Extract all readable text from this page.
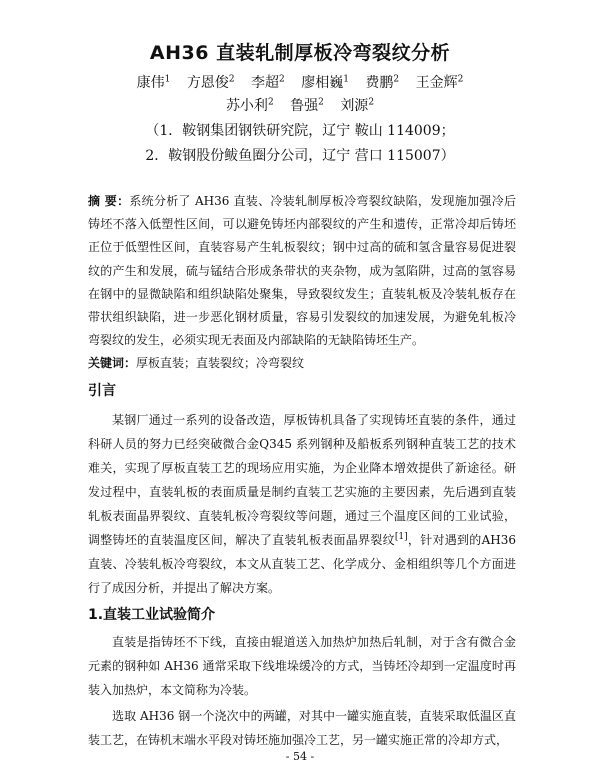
AH36 直装轧制厚板冷弯裂纹分析
康伟$^1$ 方恩俊$^2$ 李超$^2$ 廖相巍$^1$ 费鹏$^2$ 王金辉$^2$
苏小利$^2$ 鲁强$^2$ 刘源$^2$
（1．鞍钢集团钢铁研究院，辽宁 鞍山 114009；
2．鞍钢股份鲅鱼圈分公司，辽宁 营口 115007）
摘 要：系统分析了 AH36 直装、冷装轧制厚板冷弯裂纹缺陷，发现施加强冷后铸坯不落入低塑性区间，可以避免铸坯内部裂纹的产生和遗传，正常冷却后铸坯正位于低塑性区间，直装容易产生轧板裂纹；钢中过高的硫和氢含量容易促进裂纹的产生和发展，硫与锰结合形成条带状的夹杂物，成为氢陷阱，过高的氢容易在钢中的显微缺陷和组织缺陷处聚集，导致裂纹发生；直装轧板及冷装轧板存在带状组织缺陷，进一步恶化钢材质量，容易引发裂纹的加速发展，为避免轧板冷弯裂纹的发生，必须实现无表面及内部缺陷的无缺陷铸坯生产。
关键词：厚板直装；直装裂纹；冷弯裂纹
引言
某钢厂通过一系列的设备改造，厚板铸机具备了实现铸坯直装的条件，通过科研人员的努力已经突破微合金Q345 系列钢种及船板系列钢种直装工艺的技术难关，实现了厚板直装工艺的现场应用实施，为企业降本增效提供了新途径。研发过程中，直装轧板的表面质量是制约直装工艺实施的主要因素，先后遇到直装轧板表面晶界裂纹、直装轧板冷弯裂纹等问题，通过三个温度区间的工业试验，调整铸坯的直装温度区间，解决了直装轧板表面晶界裂纹[1]，针对遇到的AH36直装、冷装轧板冷弯裂纹，本文从直装工艺、化学成分、金相组织等几个方面进行了成因分析，并提出了解决方案。
1.直装工业试验简介
直装是指铸坯不下线，直接由辊道送入加热炉加热后轧制，对于含有微合金元素的钢种如 AH36 通常采取下线堆垛缓冷的方式，当铸坯冷却到一定温度时再装入加热炉，本文简称为冷装。
选取 AH36 钢一个浇次中的两罐，对其中一罐实施直装，直装采取低温区直装工艺，在铸机末端水平段对铸坯施加强冷工艺，另一罐实施正常的冷却方式，
- 54 -
